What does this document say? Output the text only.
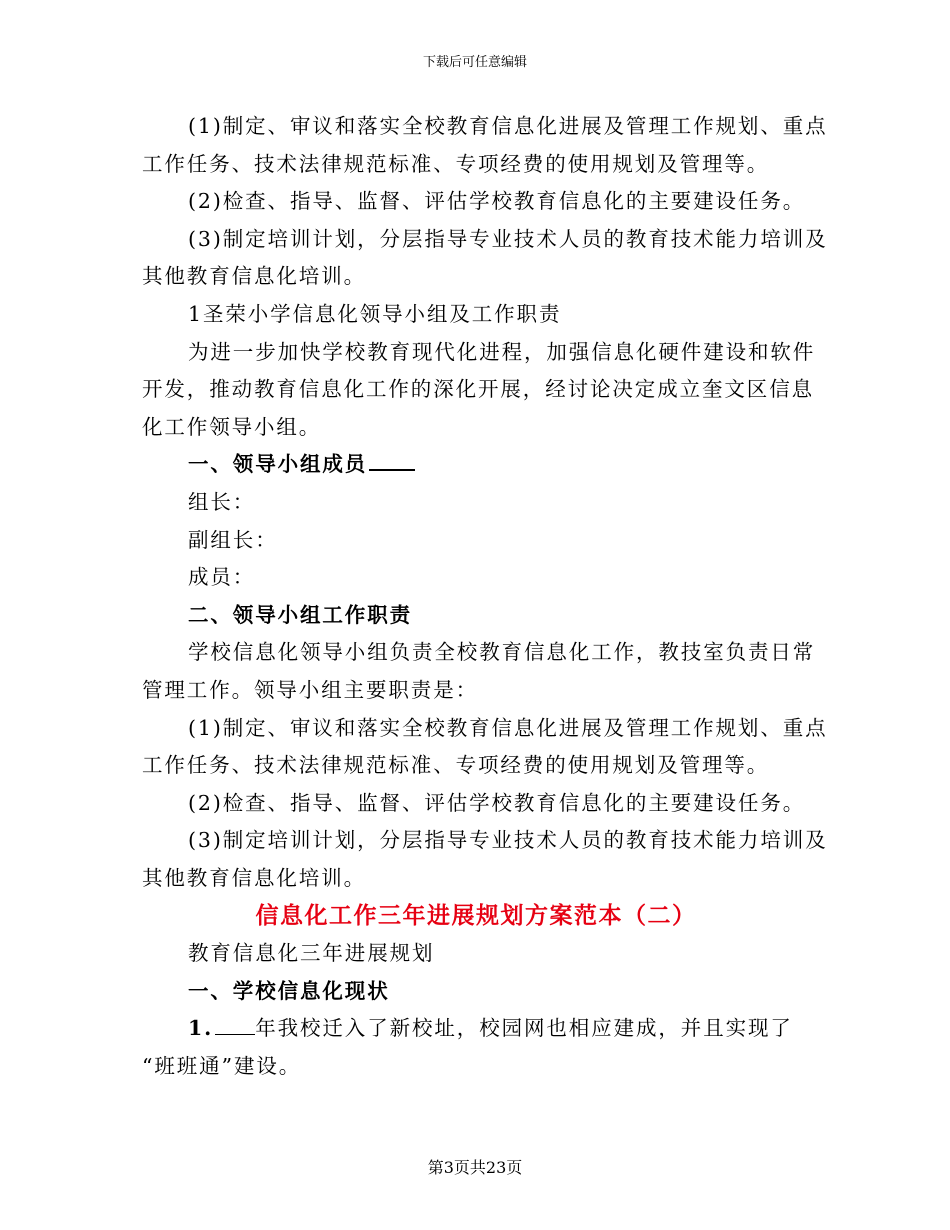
下载后可任意编辑

(1)制定、审议和落实全校教育信息化进展及管理工作规划、重点

工作任务、技术法律规范标准、专项经费的使用规划及管理等。

(2)检查、指导、监督、评估学校教育信息化的主要建设任务。

(3)制定培训计划，分层指导专业技术人员的教育技术能力培训及

其他教育信息化培训。

1圣荣小学信息化领导小组及工作职责

为进一步加快学校教育现代化进程，加强信息化硬件建设和软件

开发，推动教育信息化工作的深化开展，经讨论决定成立奎文区信息

化工作领导小组。

一、领导小组成员

组长：

副组长：

成员：

二、领导小组工作职责

学校信息化领导小组负责全校教育信息化工作，教技室负责日常

管理工作。领导小组主要职责是：

(1)制定、审议和落实全校教育信息化进展及管理工作规划、重点

工作任务、技术法律规范标准、专项经费的使用规划及管理等。

(2)检查、指导、监督、评估学校教育信息化的主要建设任务。

(3)制定培训计划，分层指导专业技术人员的教育技术能力培训及

其他教育信息化培训。

信息化工作三年进展规划方案范本（二）

教育信息化三年进展规划

一、学校信息化现状

1. 年我校迁入了新校址，校园网也相应建成，并且实现了

“班班通”建设。

第3页共23页
